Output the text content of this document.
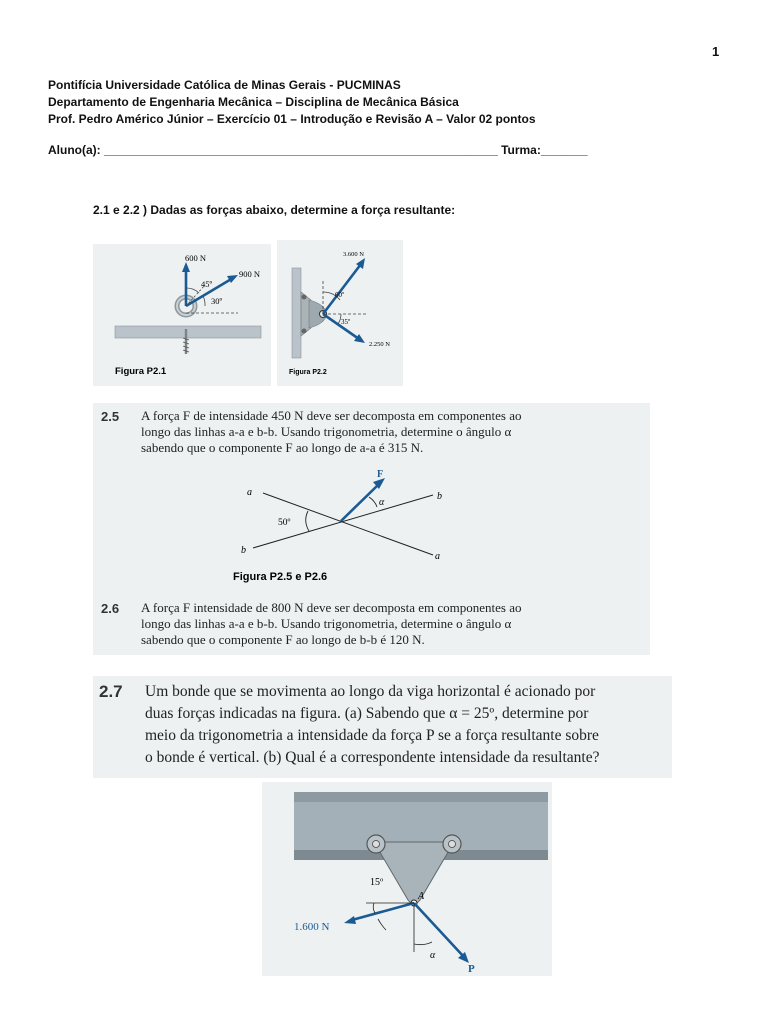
1
Pontifícia Universidade Católica de Minas Gerais - PUCMINAS
Departamento de Engenharia Mecânica – Disciplina de Mecânica Básica
Prof. Pedro Américo Júnior – Exercício 01 – Introdução e Revisão A – Valor 02 pontos
Aluno(a): ___________________________________________________________ Turma:_______
2.1 e 2.2 ) Dadas as forças abaixo, determine a força resultante:
600 N
900 N
45º
30º
Figura P2.1
3.600 N
2.250 N
60º
35º
Figura P2.2
2.5 A força F de intensidade 450 N deve ser decomposta em componentes ao
longo das linhas a-a e b-b. Usando trigonometria, determine o ângulo α
sabendo que o componente F ao longo de a-a é 315 N.
a
a
b
b
50º
F
α
Figura P2.5 e P2.6
2.6 A força F intensidade de 800 N deve ser decomposta em componentes ao
longo das linhas a-a e b-b. Usando trigonometria, determine o ângulo α
sabendo que o componente F ao longo de b-b é 120 N.
2.7 Um bonde que se movimenta ao longo da viga horizontal é acionado por
duas forças indicadas na figura. (a) Sabendo que α = 25º, determine por
meio da trigonometria a intensidade da força P se a força resultante sobre
o bonde é vertical. (b) Qual é a correspondente intensidade da resultante?
15º
A
1.600 N
α
P
